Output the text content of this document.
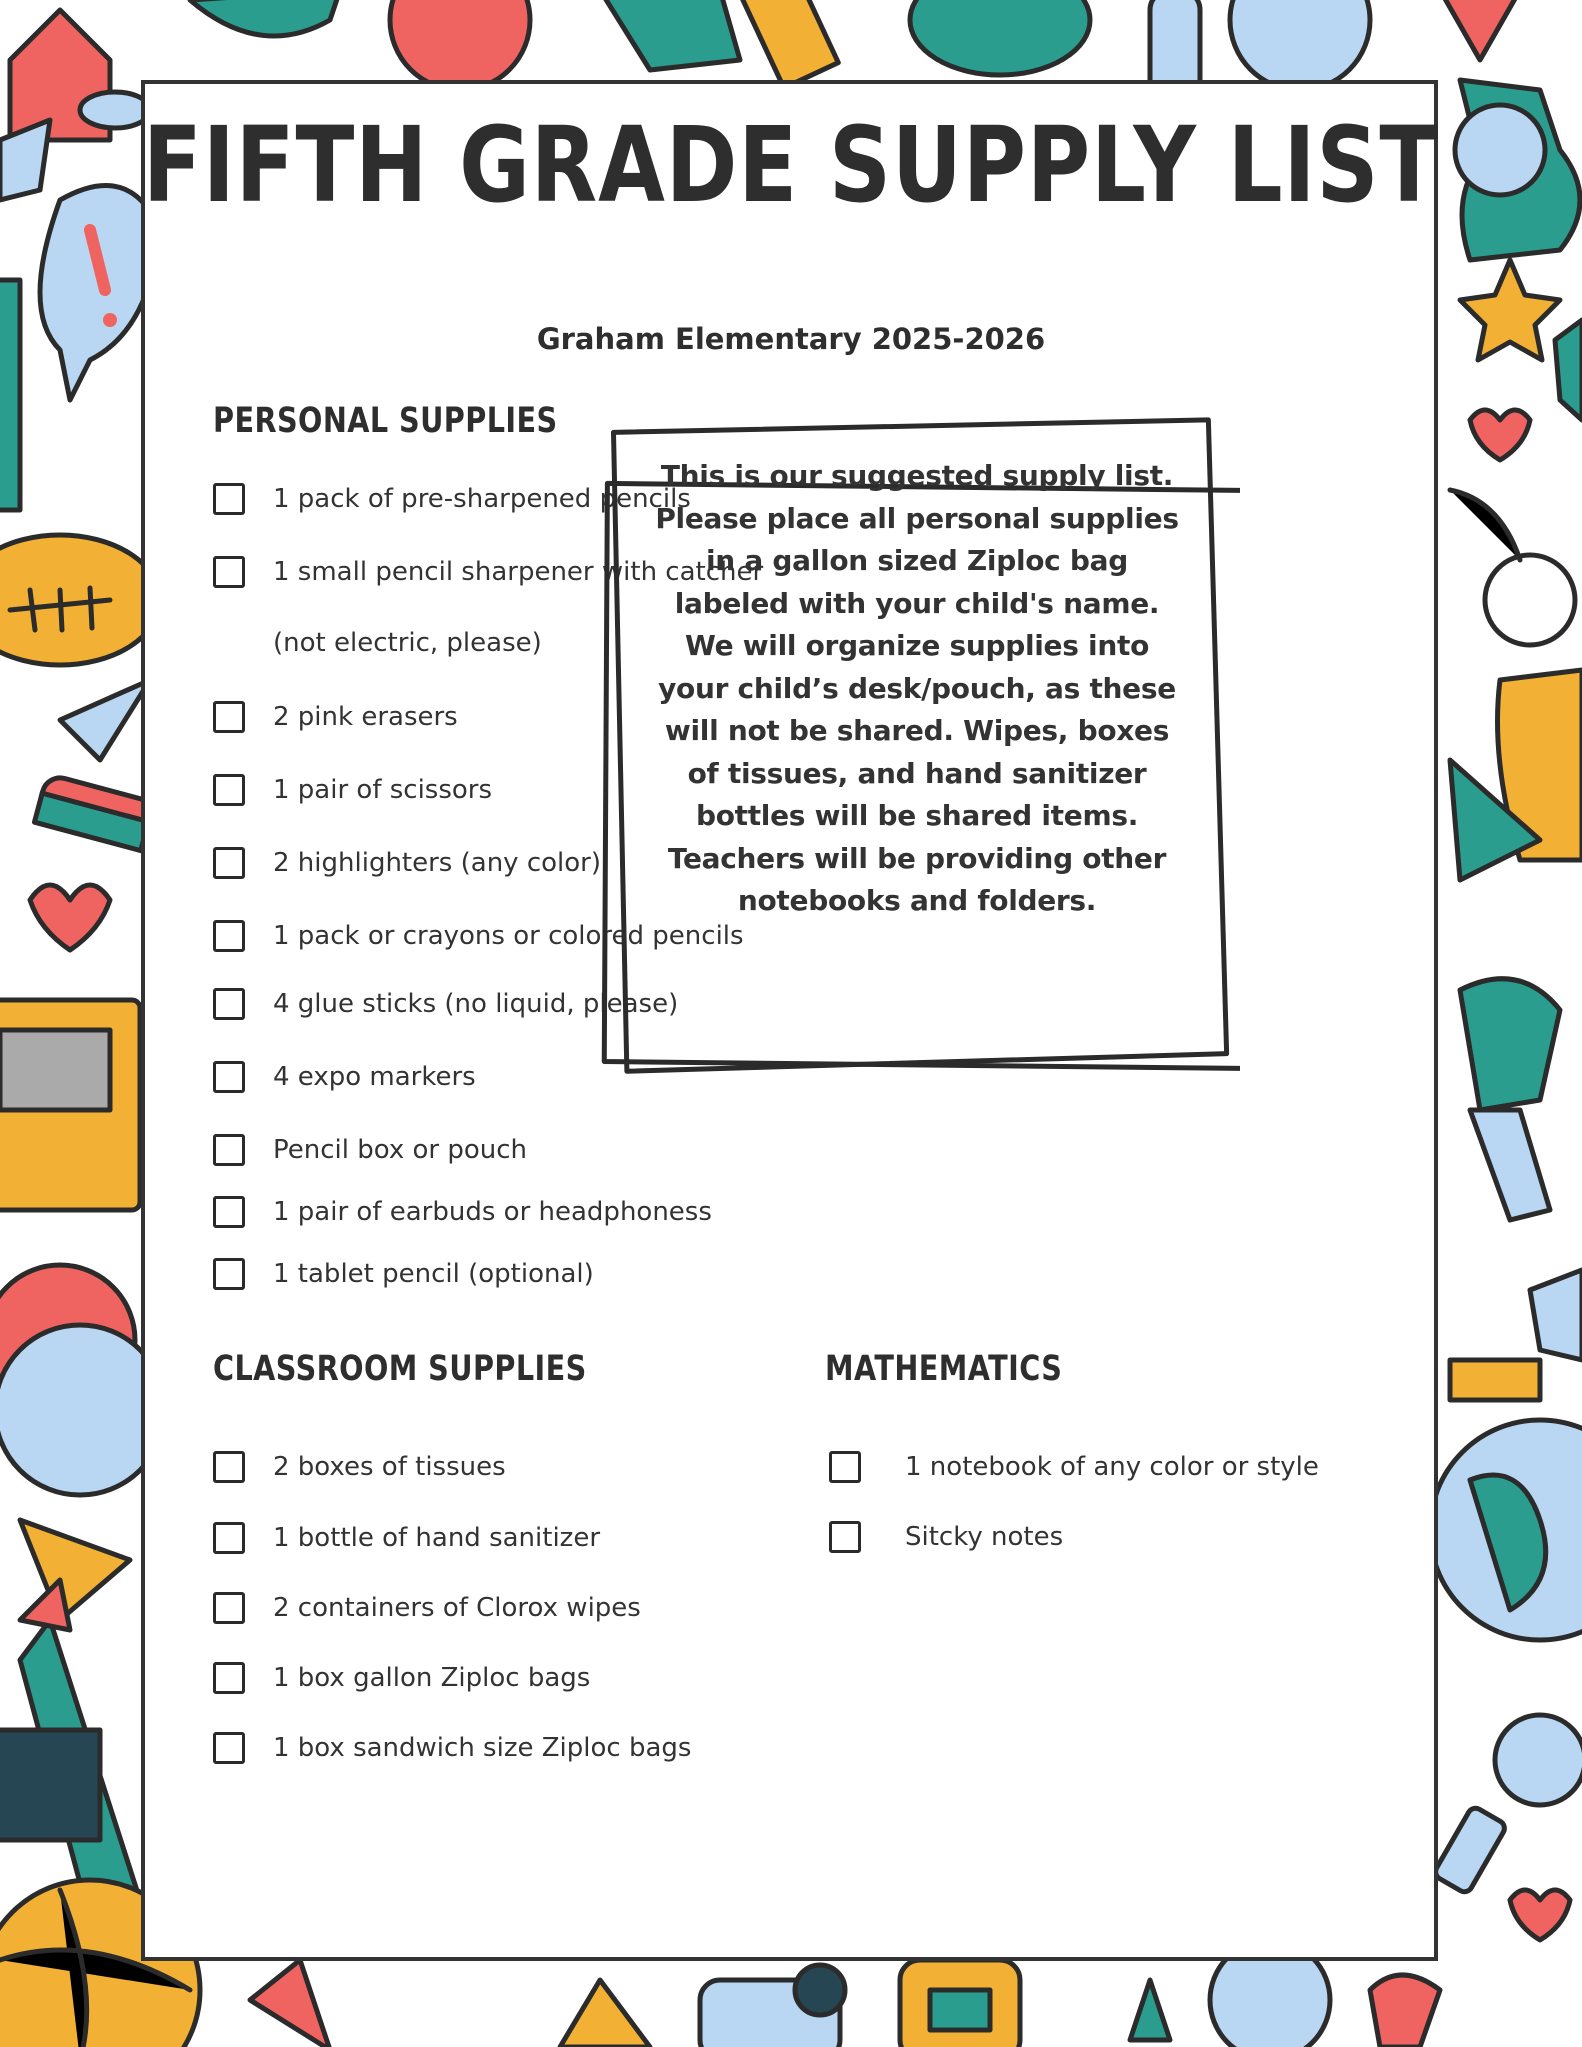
FIFTH GRADE SUPPLY LIST
Graham Elementary 2025-2026
PERSONAL SUPPLIES
1 pack of pre-sharpened pencils
1 small pencil sharpener with catcher
(not electric, please)
2 pink erasers
1 pair of scissors
2 highlighters (any color)
1 pack or crayons or colored pencils
4 glue sticks (no liquid, please)
4 expo markers
Pencil box or pouch
1 pair of earbuds or headphoness
1 tablet pencil (optional)
This is our suggested supply list. Please place all personal supplies in a gallon sized Ziploc bag labeled with your child's name. We will organize supplies into your child’s desk/pouch, as these will not be shared. Wipes, boxes of tissues, and hand sanitizer bottles will be shared items. Teachers will be providing other notebooks and folders.
CLASSROOM SUPPLIES
2 boxes of tissues
1 bottle of hand sanitizer
2 containers of Clorox wipes
1 box gallon Ziploc bags
1 box sandwich size Ziploc bags
MATHEMATICS
1 notebook of any color or style
Sitcky notes
